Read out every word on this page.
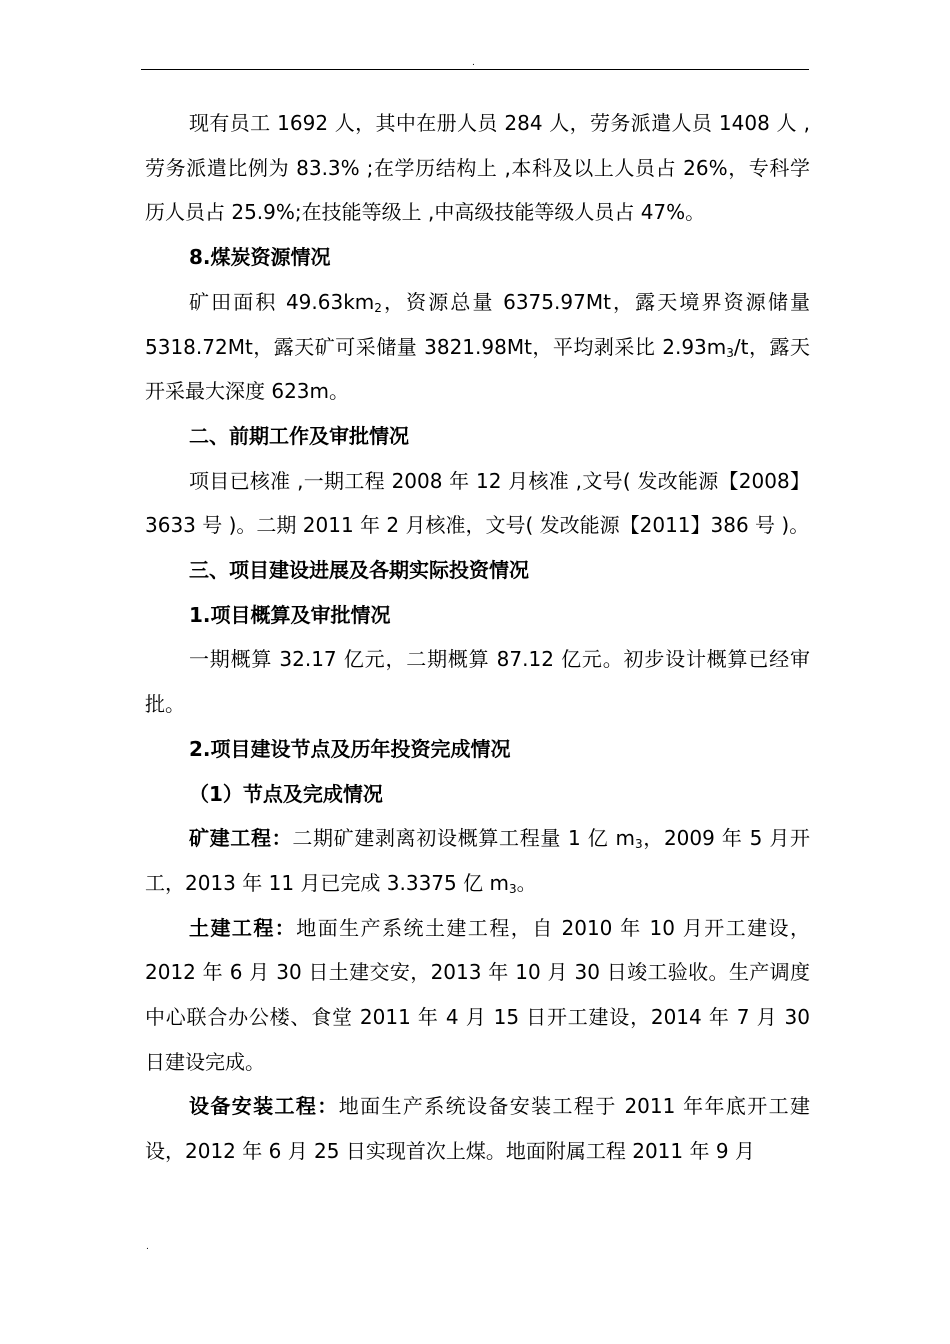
.

现有员工 1692 人，其中在册人员 284 人，劳务派遣人员 1408 人 ,劳务派遣比例为 83.3% ;在学历结构上 ,本科及以上人员占 26%，专科学历人员占 25.9%;在技能等级上 ,中高级技能等级人员占 47%。

8.煤炭资源情况

矿田面积 $49.63km_2$，资源总量 6375.97Mt，露天境界资源储量 5318.72Mt，露天矿可采储量 3821.98Mt，平均剥采比 $2.93m_3/t$，露天开采最大深度 623m。

二、前期工作及审批情况

项目已核准 ,一期工程 2008 年 12 月核准 ,文号( 发改能源【2008】3633 号 )。二期 2011 年 2 月核准，文号( 发改能源【2011】386 号 )。

三、项目建设进展及各期实际投资情况

1.项目概算及审批情况

一期概算 32.17 亿元，二期概算 87.12 亿元。初步设计概算已经审批。

2.项目建设节点及历年投资完成情况

（1）节点及完成情况

矿建工程：二期矿建剥离初设概算工程量 1 亿 $m_3$，2009 年 5 月开工，2013 年 11 月已完成 3.3375 亿 $m_3$。

土建工程：地面生产系统土建工程，自 2010 年 10 月开工建设，2012 年 6 月 30 日土建交安，2013 年 10 月 30 日竣工验收。生产调度中心联合办公楼、食堂 2011 年 4 月 15 日开工建设，2014 年 7 月 30 日建设完成。

设备安装工程：地面生产系统设备安装工程于 2011 年年底开工建设，2012 年 6 月 25 日实现首次上煤。地面附属工程 2011 年 9 月

.
